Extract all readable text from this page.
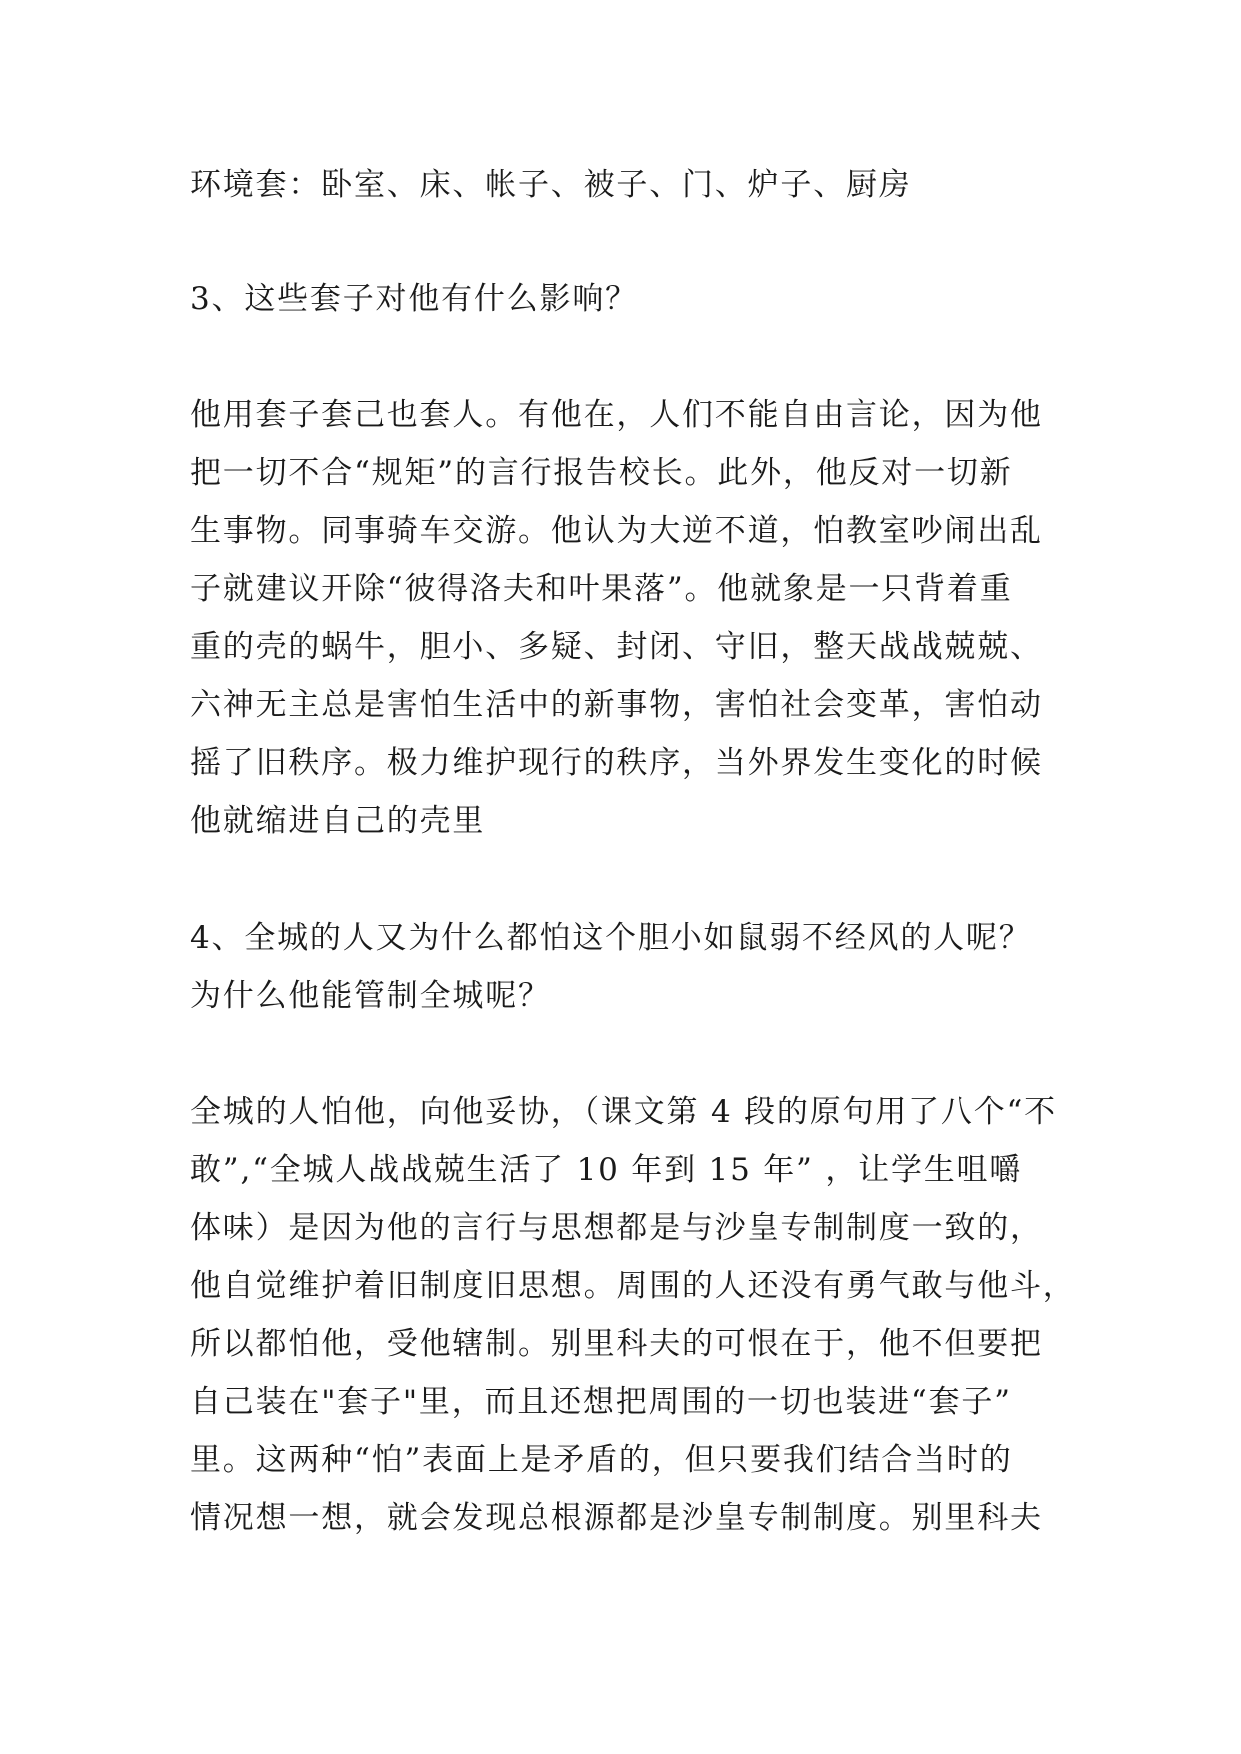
环境套：卧室、床、帐子、被子、门、炉子、厨房
3、这些套子对他有什么影响？
他用套子套己也套人。有他在，人们不能自由言论，因为他
把一切不合“规矩”的言行报告校长。此外，他反对一切新
生事物。同事骑车交游。他认为大逆不道，怕教室吵闹出乱
子就建议开除“彼得洛夫和叶果落”。他就象是一只背着重
重的壳的蜗牛，胆小、多疑、封闭、守旧，整天战战兢兢、
六神无主总是害怕生活中的新事物，害怕社会变革，害怕动
摇了旧秩序。极力维护现行的秩序，当外界发生变化的时候
他就缩进自己的壳里
4、全城的人又为什么都怕这个胆小如鼠弱不经风的人呢？
为什么他能管制全城呢？
全城的人怕他，向他妥协，（课文第 4 段的原句用了八个“不
敢”,“全城人战战兢生活了 10 年到 15 年” ，让学生咀嚼
体味）是因为他的言行与思想都是与沙皇专制制度一致的，
他自觉维护着旧制度旧思想。周围的人还没有勇气敢与他斗，
所以都怕他，受他辖制。别里科夫的可恨在于，他不但要把
自己装在"套子"里，而且还想把周围的一切也装进“套子”
里。这两种“怕”表面上是矛盾的，但只要我们结合当时的
情况想一想，就会发现总根源都是沙皇专制制度。别里科夫
